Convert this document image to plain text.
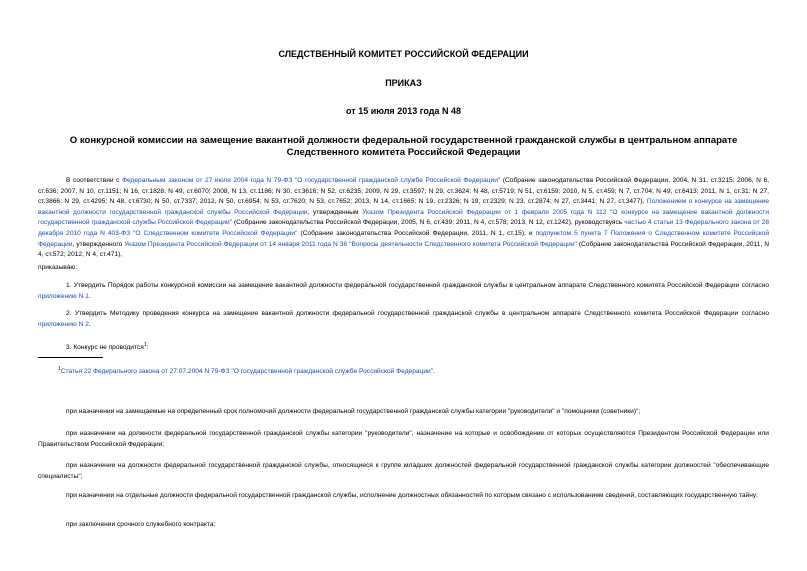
СЛЕДСТВЕННЫЙ КОМИТЕТ РОССИЙСКОЙ ФЕДЕРАЦИИ
ПРИКАЗ
от 15 июля 2013 года N 48
О конкурсной комиссии на замещение вакантной должности федеральной государственной гражданской службы в центральном аппарате Следственного комитета Российской Федерации
В соответствии с Федеральным законом от 27 июля 2004 года N 79-ФЗ "О государственной гражданской службе Российской Федерации" (Собрание законодательства Российской Федерации, 2004, N 31, ст.3215; 2006, N 6, ст.636; 2007, N 10, ст.1151; N 16, ст.1828; N 49, ст.6070; 2008, N 13, ст.1186; N 30, ст.3616; N 52, ст.6235; 2009, N 29, ст.3597; N 29, ст.3624; N 48, ст.5719; N 51, ст.6159; 2010, N 5, ст.459; N 7, ст.704; N 49, ст.6413; 2011, N 1, ст.31; N 27, ст.3866; N 29, ст.4295; N 48, ст.6730; N 50, ст.7337; 2012, N 50, ст.6954; N 53, ст.7620; N 53, ст.7652; 2013, N 14, ст.1665; N 19, ст.2326; N 19, ст.2329; N 23, ст.2874; N 27, ст.3441; N 27, ст.3477), Положением о конкурсе на замещение вакантной должности государственной гражданской службы Российской Федерации, утвержденным Указом Президента Российской Федерации от 1 февраля 2005 года N 112 "О конкурсе на замещение вакантной должности государственной гражданской службы Российской Федерации" (Собрание законодательства Российской Федерации, 2005, N 6, ст.439; 2011, N 4, ст.578; 2013, N 12, ст.1242), руководствуясь частью 4 статьи 13 Федерального закона от 28 декабря 2010 года N 403-ФЗ "О Следственном комитете Российской Федерации" (Собрание законодательства Российской Федерации, 2011, N 1, ст.15), и подпунктом 5 пункта 7 Положения о Следственном комитете Российской Федерации, утвержденного Указом Президента Российской Федерации от 14 января 2011 года N 38 "Вопросы деятельности Следственного комитета Российской Федерации" (Собрание законодательства Российской Федерации, 2011, N 4, ст.572; 2012, N 4, ст.471),
приказываю:
1. Утвердить Порядок работы конкурсной комиссии на замещение вакантной должности федеральной государственной гражданской службы в центральном аппарате Следственного комитета Российской Федерации согласно приложению N 1.
2. Утвердить Методику проведения конкурса на замещение вакантной должности федеральной государственной гражданской службы в центральном аппарате Следственного комитета Российской Федерации согласно приложению N 2.
3. Конкурс не проводится$^1$:
$^1$Статья 22 Федерального закона от 27.07.2004 N 79-ФЗ "О государственной гражданской службе Российской Федерации".
при назначении на замещаемые на определенный срок полномочий должности федеральной государственной гражданской службы категории "руководители" и "помощники (советники)";
при назначении на должности федеральной государственной гражданской службы категории "руководители", назначение на которые и освобождение от которых осуществляются Президентом Российской Федерации или Правительством Российской Федерации;
при назначении на должности федеральной государственной гражданской службы, относящиеся к группе младших должностей федеральной государственной гражданской службы категории должностей "обеспечивающие специалисты";
при назначении на отдельные должности федеральной государственной гражданской службы, исполнение должностных обязанностей по которым связано с использованием сведений, составляющих государственную тайну;
при заключении срочного служебного контракта;
